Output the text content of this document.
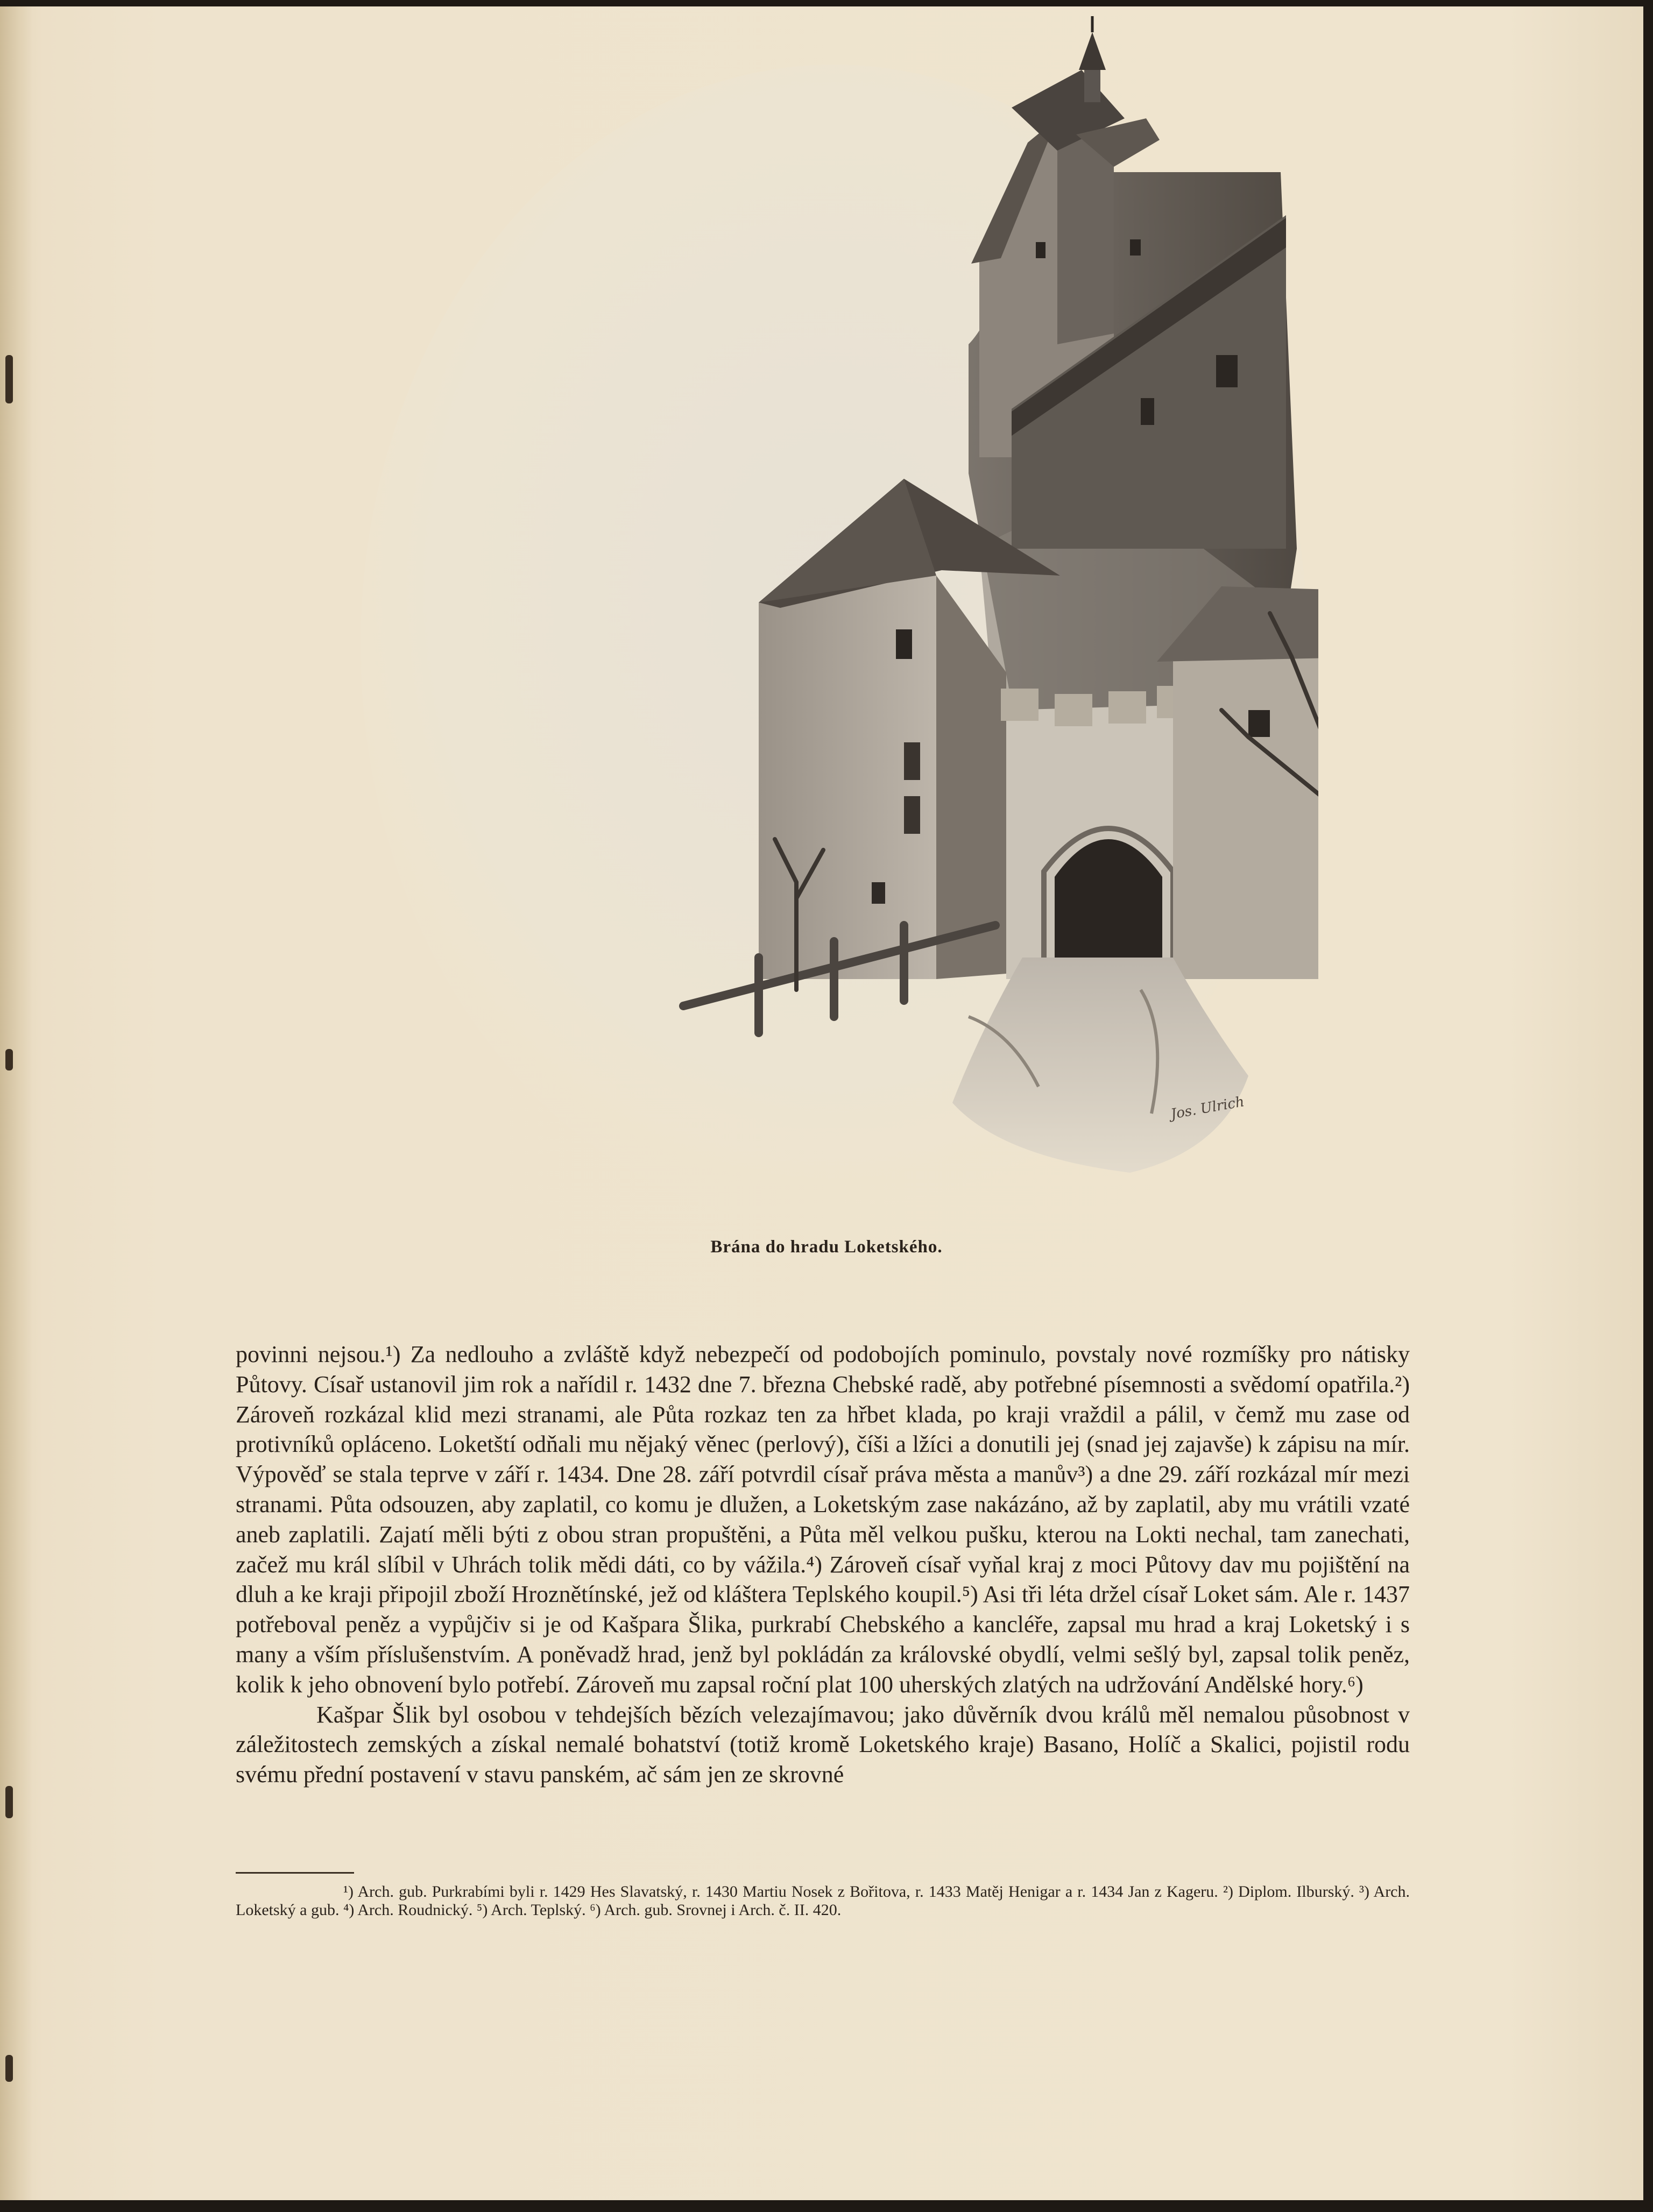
Jos. Ulrich
Brána do hradu Loketského.

povinni nejsou.¹) Za nedlouho a zvláště když nebezpečí od podobojích pominulo, povstaly nové rozmíšky pro nátisky Půtovy. Císař ustanovil jim rok a nařídil r. 1432 dne 7. března Chebské radě, aby potřebné písemnosti a svědomí opatřila.²) Zároveň rozkázal klid mezi stranami, ale Půta rozkaz ten za hřbet klada, po kraji vraždil a pálil, v čemž mu zase od protivníků opláceno. Loketští odňali mu nějaký věnec (perlový), číši a lžíci a donutili jej (snad jej zajavše) k zápisu na mír. Výpověď se stala teprve v září r. 1434. Dne 28. září potvrdil císař práva města a manův³) a dne 29. září rozkázal mír mezi stranami. Půta odsouzen, aby zaplatil, co komu je dlužen, a Loketským zase nakázáno, až by zaplatil, aby mu vrátili vzaté aneb zaplatili. Zajatí měli býti z obou stran propuštěni, a Půta měl velkou pušku, kterou na Lokti nechal, tam zanechati, začež mu král slíbil v Uhrách tolik mědi dáti, co by vážila.⁴) Zároveň císař vyňal kraj z moci Půtovy dav mu pojištění na dluh a ke kraji připojil zboží Hroznětínské, jež od kláštera Teplského koupil.⁵) Asi tři léta držel císař Loket sám. Ale r. 1437 potřeboval peněz a vypůjčiv si je od Kašpara Šlika, purkrabí Chebského a kancléře, zapsal mu hrad a kraj Loketský i s many a vším příslušenstvím. A poněvadž hrad, jenž byl pokládán za královské obydlí, velmi sešlý byl, zapsal tolik peněz, kolik k jeho obnovení bylo potřebí. Zároveň mu zapsal roční plat 100 uherských zlatých na udržování Andělské hory.⁶)

Kašpar Šlik byl osobou v tehdejších bězích velezajímavou; jako důvěrník dvou králů měl nemalou působnost v záležitostech zemských a získal nemalé bohatství (totiž kromě Loketského kraje) Basano, Holíč a Skalici, pojistil rodu svému přední postavení v stavu panském, ač sám jen ze skrovné

¹) Arch. gub. Purkrabími byli r. 1429 Hes Slavatský, r. 1430 Martiu Nosek z Bořitova, r. 1433 Matěj Henigar a r. 1434 Jan z Kageru. ²) Diplom. Ilburský. ³) Arch. Loketský a gub. ⁴) Arch. Roudnický. ⁵) Arch. Teplský. ⁶) Arch. gub. Srovnej i Arch. č. II. 420.
